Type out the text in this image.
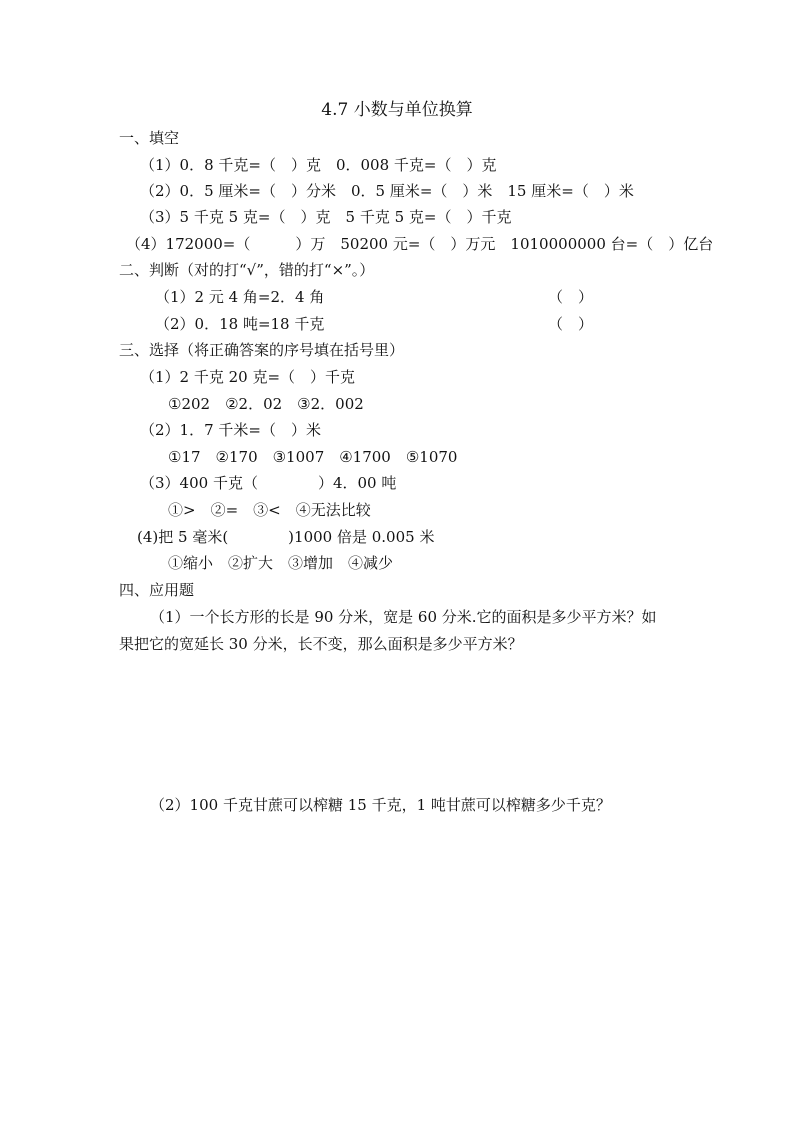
4.7 小数与单位换算
一、填空
（1）0．8 千克=（　）克　0．008 千克=（　）克
（2）0．5 厘米=（　）分米　0．5 厘米=（　）米　15 厘米=（　）米
（3）5 千克 5 克=（　）克　5 千克 5 克=（　）千克
（4）172000=（　　　）万　50200 元=（　）万元　1010000000 台=（　）亿台
二、判断（对的打“√”，错的打“×”。）
（1）2 元 4 角=2．4 角	（　）
（2）0．18 吨=18 千克	（　）
三、选择（将正确答案的序号填在括号里）
（1）2 千克 20 克=（　）千克
①202　②2．02　③2．002
（2）1．7 千米=（　）米
①17　②170　③1007　④1700　⑤1070
（3）400 千克（　　　　）4．00 吨
①>　②=　③<　④无法比较
(4)把 5 毫米(　　　　)1000 倍是 0.005 米
①缩小　②扩大　③增加　④减少
四、应用题
（1）一个长方形的长是 90 分米，宽是 60 分米.它的面积是多少平方米？如
果把它的宽延长 30 分米，长不变，那么面积是多少平方米？
（2）100 千克甘蔗可以榨糖 15 千克，1 吨甘蔗可以榨糖多少千克？
